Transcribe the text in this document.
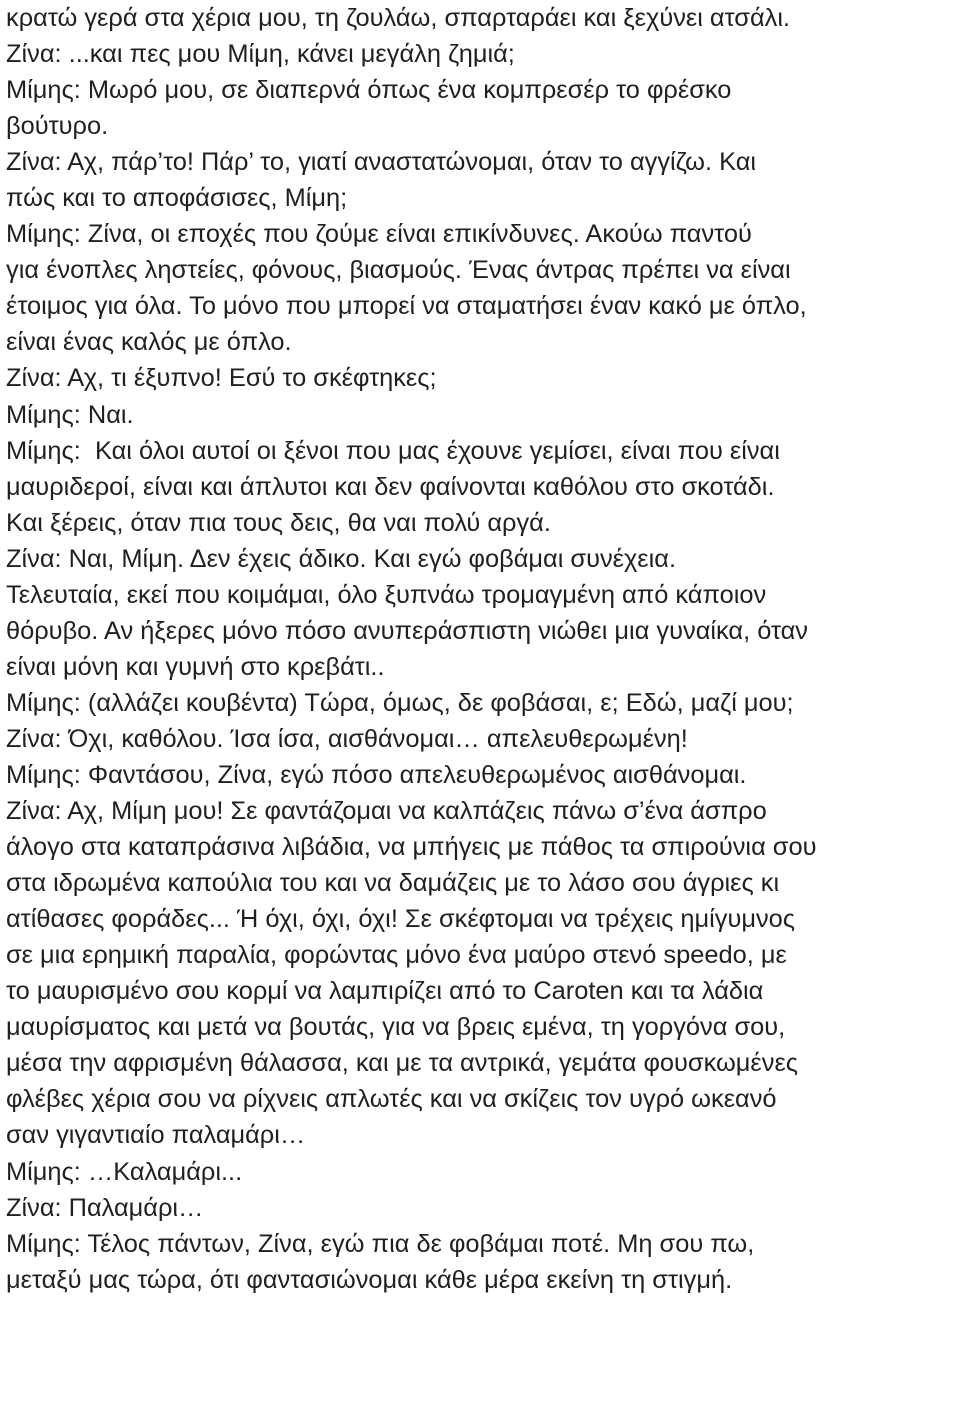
κρατώ γερά στα χέρια μου, τη ζουλάω, σπαρταράει και ξεχύνει ατσάλι.
Ζίνα: ...και πες μου Μίμη, κάνει μεγάλη ζημιά;
Μίμης: Μωρό μου, σε διαπερνά όπως ένα κομπρεσέρ το φρέσκο
βούτυρο.
Ζίνα: Αχ, πάρ’το! Πάρ’ το, γιατί αναστατώνομαι, όταν το αγγίζω. Και
πώς και το αποφάσισες, Μίμη;
Μίμης: Ζίνα, οι εποχές που ζούμε είναι επικίνδυνες. Ακούω παντού
για ένοπλες ληστείες, φόνους, βιασμούς. Ένας άντρας πρέπει να είναι
έτοιμος για όλα. Το μόνο που μπορεί να σταματήσει έναν κακό με όπλο,
είναι ένας καλός με όπλο.
Ζίνα: Αχ, τι έξυπνο! Εσύ το σκέφτηκες;
Μίμης: Ναι.
Μίμης:  Και όλοι αυτοί οι ξένοι που μας έχουνε γεμίσει, είναι που είναι
μαυριδεροί, είναι και άπλυτοι και δεν φαίνονται καθόλου στο σκοτάδι.
Και ξέρεις, όταν πια τους δεις, θα ναι πολύ αργά.
Ζίνα: Ναι, Μίμη. Δεν έχεις άδικο. Και εγώ φοβάμαι συνέχεια.
Τελευταία, εκεί που κοιμάμαι, όλο ξυπνάω τρομαγμένη από κάποιον
θόρυβο. Αν ήξερες μόνο πόσο ανυπεράσπιστη νιώθει μια γυναίκα, όταν
είναι μόνη και γυμνή στο κρεβάτι..
Μίμης: (αλλάζει κουβέντα) Τώρα, όμως, δε φοβάσαι, ε; Εδώ, μαζί μου;
Ζίνα: Όχι, καθόλου. Ίσα ίσα, αισθάνομαι… απελευθερωμένη!
Μίμης: Φαντάσου, Ζίνα, εγώ πόσο απελευθερωμένος αισθάνομαι.
Ζίνα: Αχ, Μίμη μου! Σε φαντάζομαι να καλπάζεις πάνω σ’ένα άσπρο
άλογο στα καταπράσινα λιβάδια, να μπήγεις με πάθος τα σπιρούνια σου
στα ιδρωμένα καπούλια του και να δαμάζεις με το λάσο σου άγριες κι
ατίθασες φοράδες... Ή όχι, όχι, όχι! Σε σκέφτομαι να τρέχεις ημίγυμνος
σε μια ερημική παραλία, φορώντας μόνο ένα μαύρο στενό speedo, με
το μαυρισμένο σου κορμί να λαμπιρίζει από το Caroten και τα λάδια
μαυρίσματος και μετά να βουτάς, για να βρεις εμένα, τη γοργόνα σου,
μέσα την αφρισμένη θάλασσα, και με τα αντρικά, γεμάτα φουσκωμένες
φλέβες χέρια σου να ρίχνεις απλωτές και να σκίζεις τον υγρό ωκεανό
σαν γιγαντιαίο παλαμάρι…
Μίμης: …Καλαμάρι...
Ζίνα: Παλαμάρι…
Μίμης: Τέλος πάντων, Ζίνα, εγώ πια δε φοβάμαι ποτέ. Μη σου πω,
μεταξύ μας τώρα, ότι φαντασιώνομαι κάθε μέρα εκείνη τη στιγμή.
